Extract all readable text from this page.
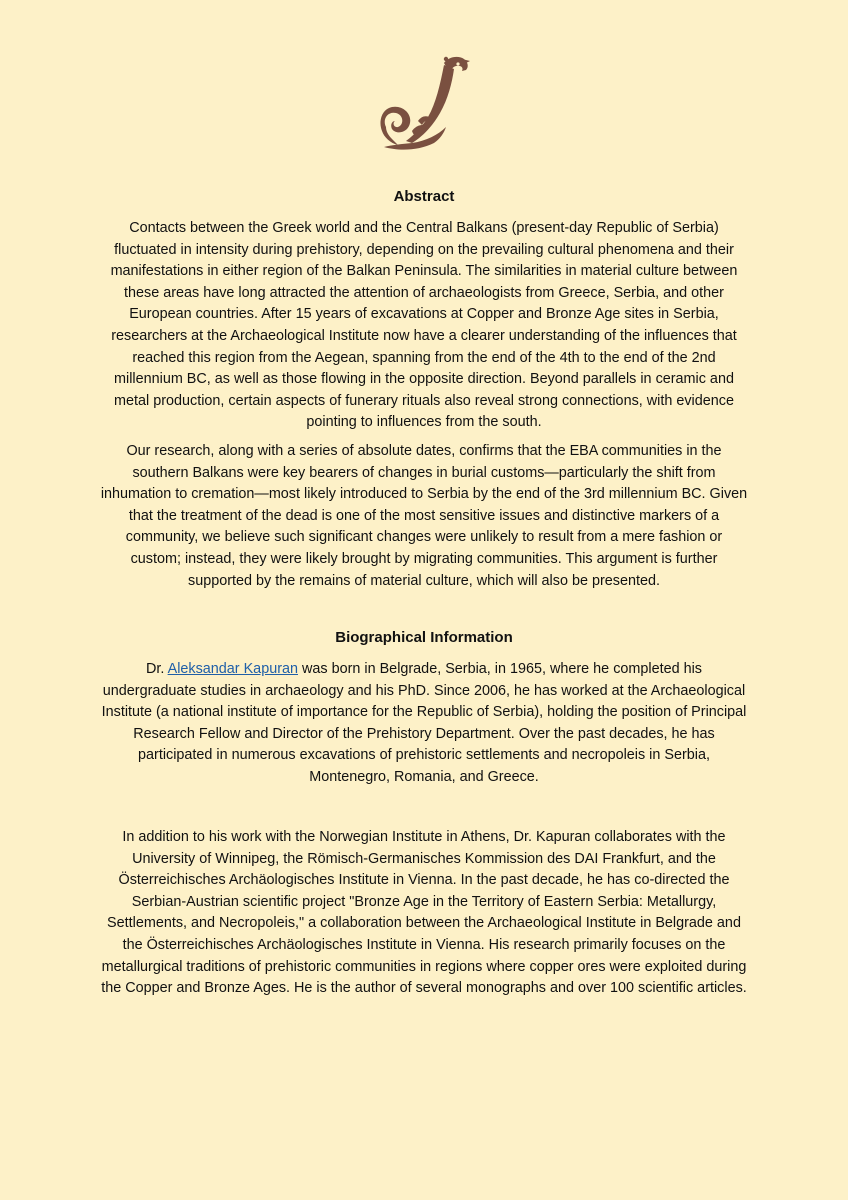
Abstract

Contacts between the Greek world and the Central Balkans (present-day Republic of Serbia) fluctuated in intensity during prehistory, depending on the prevailing cultural phenomena and their manifestations in either region of the Balkan Peninsula. The similarities in material culture between these areas have long attracted the attention of archaeologists from Greece, Serbia, and other European countries. After 15 years of excavations at Copper and Bronze Age sites in Serbia, researchers at the Archaeological Institute now have a clearer understanding of the influences that reached this region from the Aegean, spanning from the end of the 4th to the end of the 2nd millennium BC, as well as those flowing in the opposite direction. Beyond parallels in ceramic and metal production, certain aspects of funerary rituals also reveal strong connections, with evidence pointing to influences from the south.

Our research, along with a series of absolute dates, confirms that the EBA communities in the southern Balkans were key bearers of changes in burial customs—particularly the shift from inhumation to cremation—most likely introduced to Serbia by the end of the 3rd millennium BC. Given that the treatment of the dead is one of the most sensitive issues and distinctive markers of a community, we believe such significant changes were unlikely to result from a mere fashion or custom; instead, they were likely brought by migrating communities. This argument is further supported by the remains of material culture, which will also be presented.

Biographical Information

Dr. Aleksandar Kapuran was born in Belgrade, Serbia, in 1965, where he completed his undergraduate studies in archaeology and his PhD. Since 2006, he has worked at the Archaeological Institute (a national institute of importance for the Republic of Serbia), holding the position of Principal Research Fellow and Director of the Prehistory Department. Over the past decades, he has participated in numerous excavations of prehistoric settlements and necropoleis in Serbia, Montenegro, Romania, and Greece.

In addition to his work with the Norwegian Institute in Athens, Dr. Kapuran collaborates with the University of Winnipeg, the Römisch-Germanisches Kommission des DAI Frankfurt, and the Österreichisches Archäologisches Institute in Vienna. In the past decade, he has co-directed the Serbian-Austrian scientific project "Bronze Age in the Territory of Eastern Serbia: Metallurgy, Settlements, and Necropoleis," a collaboration between the Archaeological Institute in Belgrade and the Österreichisches Archäologisches Institute in Vienna. His research primarily focuses on the metallurgical traditions of prehistoric communities in regions where copper ores were exploited during the Copper and Bronze Ages. He is the author of several monographs and over 100 scientific articles.
